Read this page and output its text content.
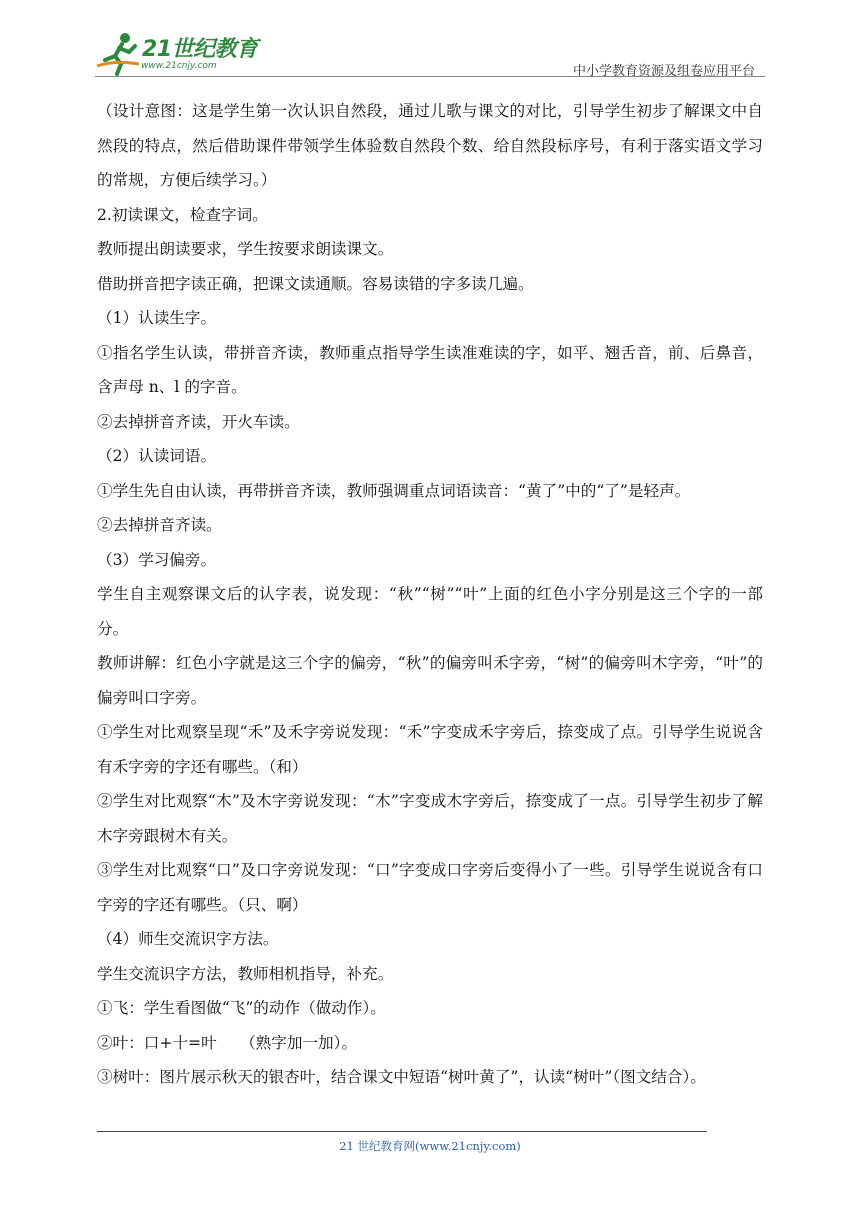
21世纪教育
www.21cnjy.com	中小学教育资源及组卷应用平台

（设计意图：这是学生第一次认识自然段，通过儿歌与课文的对比，引导学生初步了解课文中自然段的特点，然后借助课件带领学生体验数自然段个数、给自然段标序号，有利于落实语文学习的常规，方便后续学习。）

2.初读课文，检查字词。

教师提出朗读要求，学生按要求朗读课文。

借助拼音把字读正确，把课文读通顺。容易读错的字多读几遍。

（1）认读生字。

①指名学生认读，带拼音齐读，教师重点指导学生读准难读的字，如平、翘舌音，前、后鼻音，含声母 n、l 的字音。

②去掉拼音齐读，开火车读。

（2）认读词语。

①学生先自由认读，再带拼音齐读，教师强调重点词语读音：“黄了”中的“了”是轻声。

②去掉拼音齐读。

（3）学习偏旁。

学生自主观察课文后的认字表，说发现：“秋”“树”“叶”上面的红色小字分别是这三个字的一部分。

教师讲解：红色小字就是这三个字的偏旁，“秋”的偏旁叫禾字旁，“树”的偏旁叫木字旁，“叶”的偏旁叫口字旁。

①学生对比观察呈现“禾”及禾字旁说发现：“禾”字变成禾字旁后，捺变成了点。引导学生说说含有禾字旁的字还有哪些。（和）

②学生对比观察“木”及木字旁说发现：“木”字变成木字旁后，捺变成了一点。引导学生初步了解木字旁跟树木有关。

③学生对比观察“口”及口字旁说发现：“口”字变成口字旁后变得小了一些。引导学生说说含有口字旁的字还有哪些。（只、啊）

（4）师生交流识字方法。

学生交流识字方法，教师相机指导，补充。

①飞：学生看图做“飞”的动作（做动作）。

②叶：口+十=叶　　（熟字加一加）。

③树叶：图片展示秋天的银杏叶，结合课文中短语“树叶黄了”，认读“树叶”（图文结合）。

21 世纪教育网(www.21cnjy.com)
